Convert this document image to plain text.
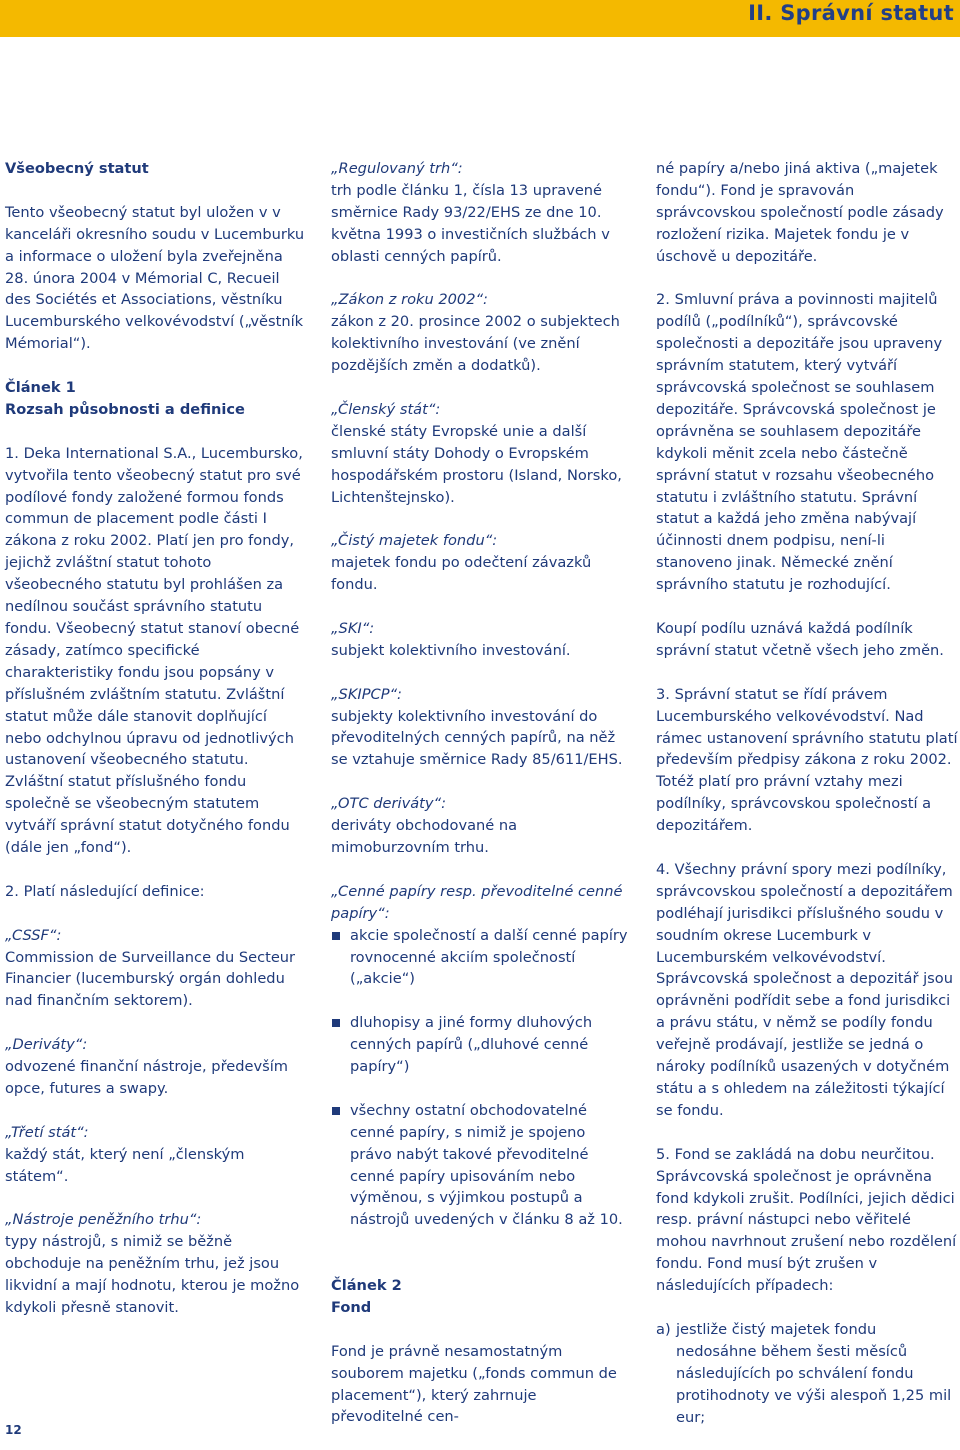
II. Správní statut

Všeobecný statut

Tento všeobecný statut byl uložen v v kanceláři okresního soudu v Lucemburku a informace o uložení byla zveřejněna 28. února 2004 v Mémorial C, Recueil des Sociétés et Associations, věstníku Lucemburského velkovévodství („věstník Mémorial“).

Článek 1
Rozsah působnosti a definice

1. Deka International S.A., Lucembursko, vytvořila tento všeobecný statut pro své podílové fondy založené formou fonds commun de placement podle části I zákona z roku 2002. Platí jen pro fondy, jejichž zvláštní statut tohoto všeobecného statutu byl prohlášen za nedílnou součást správního statutu fondu. Všeobecný statut stanoví obecné zásady, zatímco specifické charakteristiky fondu jsou popsány v příslušném zvláštním statutu. Zvláštní statut může dále stanovit doplňující nebo odchylnou úpravu od jednotlivých ustanovení všeobecného statutu. Zvláštní statut příslušného fondu společně se všeobecným statutem vytváří správní statut dotyčného fondu (dále jen „fond“).

2. Platí následující definice:

„CSSF“:
Commission de Surveillance du Secteur Financier (lucemburský orgán dohledu nad finančním sektorem).

„Deriváty“:
odvozené finanční nástroje, především opce, futures a swapy.

„Třetí stát“:
každý stát, který není „členským státem“.

„Nástroje peněžního trhu“:
typy nástrojů, s nimiž se běžně obchoduje na peněžním trhu, jež jsou likvidní a mají hodnotu, kterou je možno kdykoli přesně stanovit.

„Regulovaný trh“:
trh podle článku 1, čísla 13 upravené směrnice Rady 93/22/EHS ze dne 10. května 1993 o investičních službách v oblasti cenných papírů.

„Zákon z roku 2002“:
zákon z 20. prosince 2002 o subjektech kolektivního investování (ve znění pozdějších změn a dodatků).

„Členský stát“:
členské státy Evropské unie a další smluvní státy Dohody o Evropském hospodářském prostoru (Island, Norsko, Lichtenštejnsko).

„Čistý majetek fondu“:
majetek fondu po odečtení závazků fondu.

„SKI“:
subjekt kolektivního investování.

„SKIPCP“:
subjekty kolektivního investování do převoditelných cenných papírů, na něž se vztahuje směrnice Rady 85/611/EHS.

„OTC deriváty“:
deriváty obchodované na mimoburzovním trhu.

„Cenné papíry resp. převoditelné cenné papíry“:
akcie společností a další cenné papíry rovnocenné akciím společností („akcie“)
dluhopisy a jiné formy dluhových cenných papírů („dluhové cenné papíry“)
všechny ostatní obchodovatelné cenné papíry, s nimiž je spojeno právo nabýt takové převoditelné cenné papíry upisováním nebo výměnou, s výjimkou postupů a nástrojů uvedených v článku 8 až 10.
Článek 2
Fond

Fond je právně nesamostatným souborem majetku („fonds commun de placement“), který zahrnuje převoditelné cen-

né papíry a/nebo jiná aktiva („majetek fondu“). Fond je spravován správcovskou společností podle zásady rozložení rizika. Majetek fondu je v úschově u depozitáře.

2. Smluvní práva a povinnosti majitelů podílů („podílníků“), správcovské společnosti a depozitáře jsou upraveny správním statutem, který vytváří správcovská společnost se souhlasem depozitáře. Správcovská společnost je oprávněna se souhlasem depozitáře kdykoli měnit zcela nebo částečně správní statut v rozsahu všeobecného statutu i zvláštního statutu. Správní statut a každá jeho změna nabývají účinnosti dnem podpisu, není-li stanoveno jinak. Německé znění správního statutu je rozhodující.

Koupí podílu uznává každá podílník správní statut včetně všech jeho změn.

3. Správní statut se řídí právem Lucemburského velkovévodství. Nad rámec ustanovení správního statutu platí především předpisy zákona z roku 2002. Totéž platí pro právní vztahy mezi podílníky, správcovskou společností a depozitářem.

4. Všechny právní spory mezi podílníky, správcovskou společností a depozitářem podléhají jurisdikci příslušného soudu v soudním okrese Lucemburk v Lucemburském velkovévodství. Správcovská společnost a depozitář jsou oprávněni podřídit sebe a fond jurisdikci a právu státu, v němž se podíly fondu veřejně prodávají, jestliže se jedná o nároky podílníků usazených v dotyčném státu a s ohledem na záležitosti týkající se fondu.

5. Fond se zakládá na dobu neurčitou. Správcovská společnost je oprávněna fond kdykoli zrušit. Podílníci, jejich dědici resp. právní nástupci nebo věřitelé mohou navrhnout zrušení nebo rozdělení fondu. Fond musí být zrušen v následujících případech:

a) jestliže čistý majetek fondu nedosáhne během šesti měsíců následujících po schválení fondu protihodnoty ve výši alespoň 1,25 mil eur;
12
